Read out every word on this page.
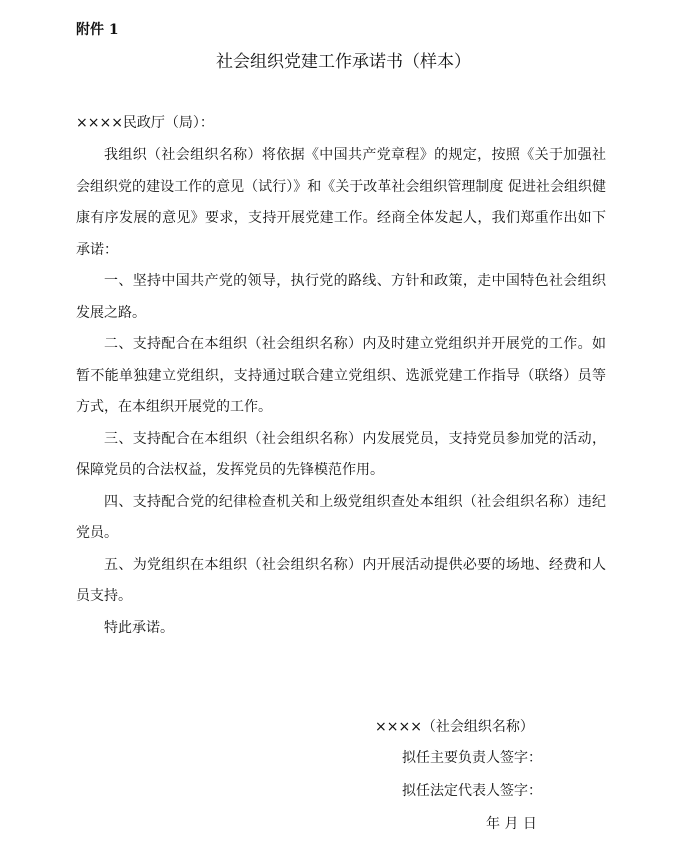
附件 1
社会组织党建工作承诺书（样本）
××××民政厅（局）：

我组织（社会组织名称）将依据《中国共产党章程》的规定，按照《关于加强社会组织党的建设工作的意见（试行）》和《关于改革社会组织管理制度 促进社会组织健康有序发展的意见》要求，支持开展党建工作。经商全体发起人，我们郑重作出如下承诺：

一、坚持中国共产党的领导，执行党的路线、方针和政策，走中国特色社会组织发展之路。

二、支持配合在本组织（社会组织名称）内及时建立党组织并开展党的工作。如暂不能单独建立党组织，支持通过联合建立党组织、选派党建工作指导（联络）员等方式，在本组织开展党的工作。

三、支持配合在本组织（社会组织名称）内发展党员，支持党员参加党的活动，保障党员的合法权益，发挥党员的先锋模范作用。

四、支持配合党的纪律检查机关和上级党组织查处本组织（社会组织名称）违纪党员。

五、为党组织在本组织（社会组织名称）内开展活动提供必要的场地、经费和人员支持。

特此承诺。

××××（社会组织名称）
拟任主要负责人签字：
拟任法定代表人签字：
年 月 日
